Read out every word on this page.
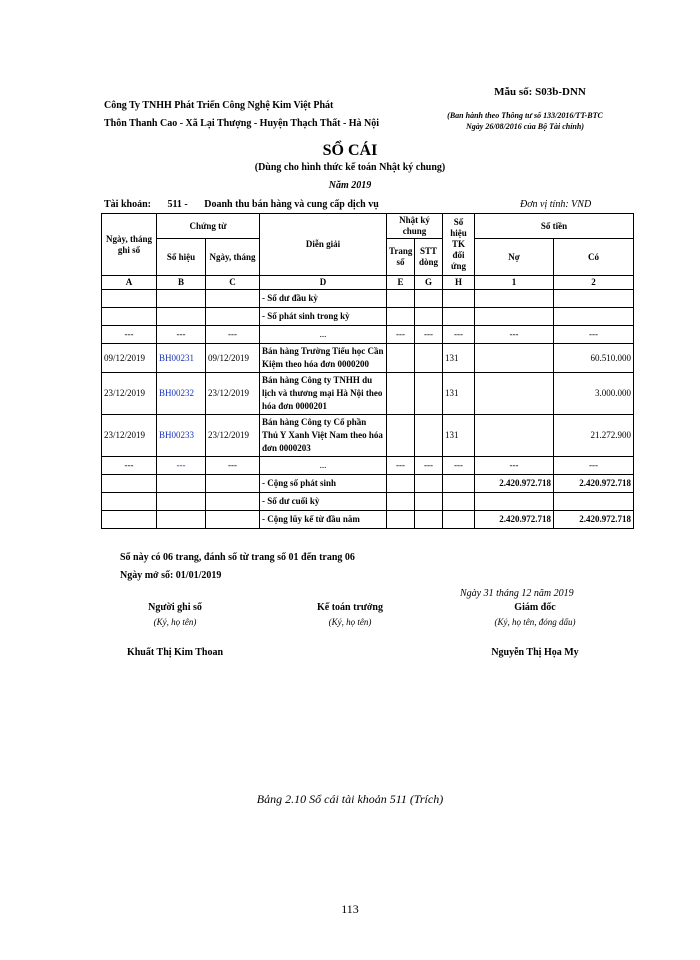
Mẫu số: S03b-DNN
Công Ty TNHH Phát Triển Công Nghệ Kim Việt Phát
Thôn Thanh Cao - Xã Lại Thượng - Huyện Thạch Thất - Hà Nội
(Ban hành theo Thông tư số 133/2016/TT-BTC
Ngày 26/08/2016 của Bộ Tài chính)
SỔ CÁI
(Dùng cho hình thức kế toán Nhật ký chung)
Năm 2019
Tài khoản: 511 - Doanh thu bán hàng và cung cấp dịch vụ	Đơn vị tính: VND
Ngày, tháng ghi sổ	Chứng từ		Diễn giải	Nhật ký chung		Số hiệu TK đối ứng	Số tiền	
	Số hiệu	Ngày, tháng		Trang số	STT dòng		Nợ	Có
A	B	C	D	E	G	H	1	2
			- Số dư đầu kỳ					
			- Số phát sinh trong kỳ					
---	---	---	...	---	---	---	---	---
09/12/2019	BH00231	09/12/2019	Bán hàng Trường Tiểu học Cần Kiệm theo hóa đơn 0000200			131		60.510.000
23/12/2019	BH00232	23/12/2019	Bán hàng Công ty TNHH du lịch và thương mại Hà Nội theo hóa đơn 0000201			131		3.000.000
23/12/2019	BH00233	23/12/2019	Bán hàng Công ty Cổ phần Thủ Y Xanh Việt Nam theo hóa đơn 0000203			131		21.272.900
---	---	---	...	---	---	---	---	---
			- Cộng số phát sinh				2.420.972.718	2.420.972.718
			- Số dư cuối kỳ					
			- Cộng lũy kế từ đầu năm				2.420.972.718	2.420.972.718
Sổ này có 06 trang, đánh số từ trang số 01 đến trang 06
Ngày mở sổ: 01/01/2019
Ngày 31 tháng 12 năm 2019
Người ghi sổ
(Ký, họ tên)
Khuất Thị Kim Thoan
Kế toán trưởng
(Ký, họ tên)
Giám đốc
(Ký, họ tên, đóng dấu)
Nguyễn Thị Họa My
Bảng 2.10 Sổ cái tài khoản 511 (Trích)
113
